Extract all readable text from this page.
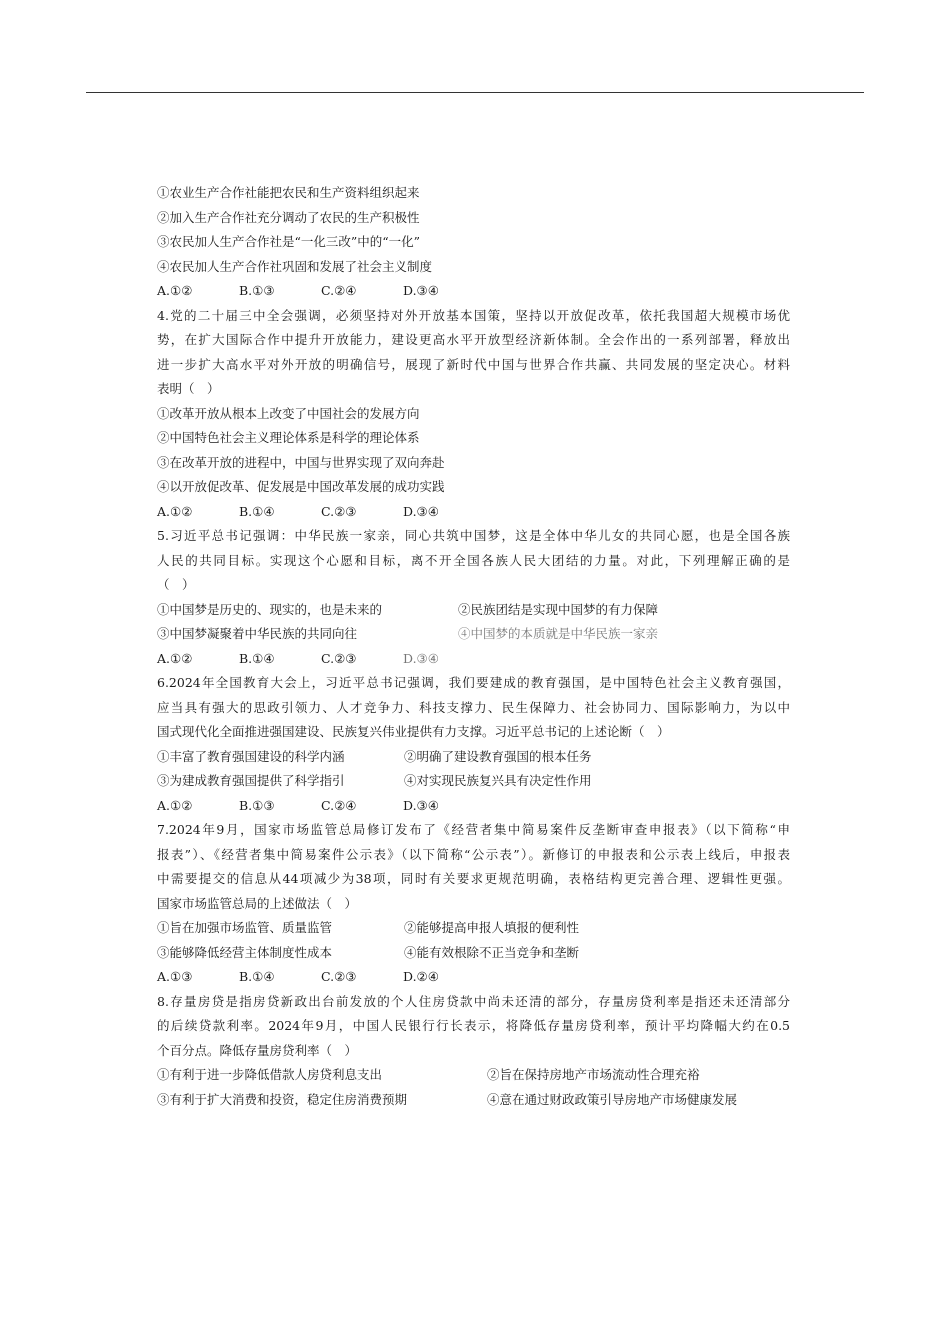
①农业生产合作社能把农民和生产资料组织起来
②加入生产合作社充分调动了农民的生产积极性
③农民加人生产合作社是“一化三改”中的“一化”
④农民加人生产合作社巩固和发展了社会主义制度
A.①②	B.①③	C.②④	D.③④
4.党的二十届三中全会强调，必须坚持对外开放基本国策，坚持以开放促改革，依托我国超大规模市场优
势，在扩大国际合作中提升开放能力，建设更高水平开放型经济新体制。全会作出的一系列部署，释放出
进一步扩大高水平对外开放的明确信号，展现了新时代中国与世界合作共赢、共同发展的坚定决心。材料
表明（　）
①改革开放从根本上改变了中国社会的发展方向
②中国特色社会主义理论体系是科学的理论体系
③在改革开放的进程中，中国与世界实现了双向奔赴
④以开放促改革、促发展是中国改革发展的成功实践
A.①②	B.①④	C.②③	D.③④
5.习近平总书记强调：中华民族一家亲，同心共筑中国梦，这是全体中华儿女的共同心愿，也是全国各族
人民的共同目标。实现这个心愿和目标，离不开全国各族人民大团结的力量。对此，下列理解正确的是
（　）
①中国梦是历史的、现实的，也是未来的	②民族团结是实现中国梦的有力保障
③中国梦凝聚着中华民族的共同向往	④中国梦的本质就是中华民族一家亲
A.①②	B.①④	C.②③	D.③④
6.2024年全国教育大会上，习近平总书记强调，我们要建成的教育强国，是中国特色社会主义教育强国，
应当具有强大的思政引领力、人才竞争力、科技支撑力、民生保障力、社会协同力、国际影响力，为以中
国式现代化全面推进强国建设、民族复兴伟业提供有力支撑。习近平总书记的上述论断（　）
①丰富了教育强国建设的科学内涵	②明确了建设教育强国的根本任务
③为建成教育强国提供了科学指引	④对实现民族复兴具有决定性作用
A.①②	B.①③	C.②④	D.③④
7.2024年9月，国家市场监管总局修订发布了《经营者集中简易案件反垄断审查申报表》（以下简称“申
报表”）、《经营者集中简易案件公示表》（以下简称“公示表”）。新修订的申报表和公示表上线后，申报表
中需要提交的信息从44项减少为38项，同时有关要求更规范明确，表格结构更完善合理、逻辑性更强。
国家市场监管总局的上述做法（　）
①旨在加强市场监管、质量监管	②能够提高申报人填报的便利性
③能够降低经营主体制度性成本	④能有效根除不正当竞争和垄断
A.①③	B.①④	C.②③	D.②④
8.存量房贷是指房贷新政出台前发放的个人住房贷款中尚未还清的部分，存量房贷利率是指还未还清部分
的后续贷款利率。2024年9月，中国人民银行行长表示，将降低存量房贷利率，预计平均降幅大约在0.5
个百分点。降低存量房贷利率（　）
①有利于进一步降低借款人房贷利息支出	②旨在保持房地产市场流动性合理充裕
③有利于扩大消费和投资，稳定住房消费预期	④意在通过财政政策引导房地产市场健康发展
